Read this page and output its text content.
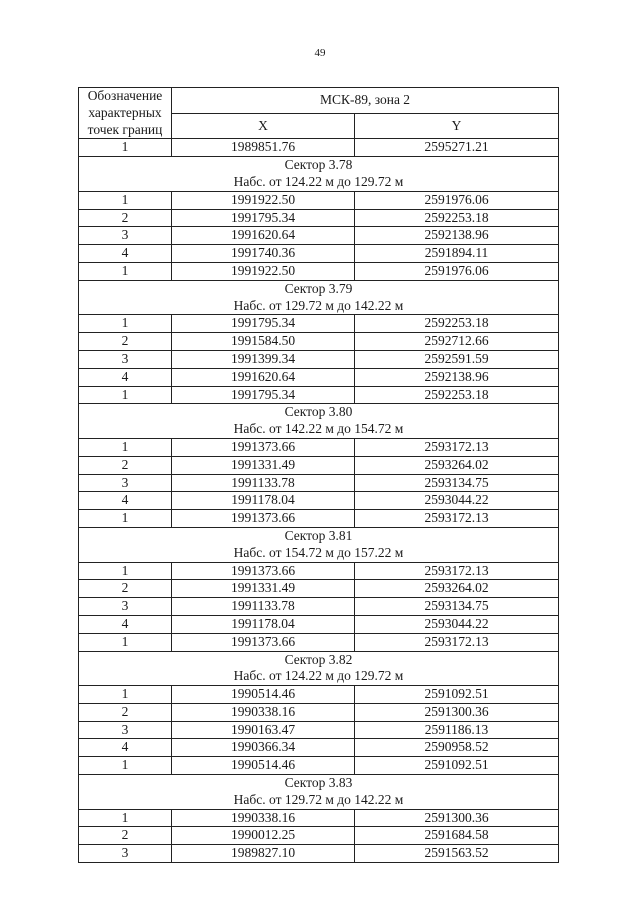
49
Обозначение характерных точек границ	МСК-89, зона 2	
	X	Y
1	1989851.76	2595271.21

Сектор 3.78
Набс. от 124.22 м до 129.72 м		

1	1991922.50	2591976.06
2	1991795.34	2592253.18
3	1991620.64	2592138.96
4	1991740.36	2591894.11
1	1991922.50	2591976.06

Сектор 3.79
Набс. от 129.72 м до 142.22 м		

1	1991795.34	2592253.18
2	1991584.50	2592712.66
3	1991399.34	2592591.59
4	1991620.64	2592138.96
1	1991795.34	2592253.18

Сектор 3.80
Набс. от 142.22 м до 154.72 м		

1	1991373.66	2593172.13
2	1991331.49	2593264.02
3	1991133.78	2593134.75
4	1991178.04	2593044.22
1	1991373.66	2593172.13

Сектор 3.81
Набс. от 154.72 м до 157.22 м		

1	1991373.66	2593172.13
2	1991331.49	2593264.02
3	1991133.78	2593134.75
4	1991178.04	2593044.22
1	1991373.66	2593172.13

Сектор 3.82
Набс. от 124.22 м до 129.72 м		

1	1990514.46	2591092.51
2	1990338.16	2591300.36
3	1990163.47	2591186.13
4	1990366.34	2590958.52
1	1990514.46	2591092.51

Сектор 3.83
Набс. от 129.72 м до 142.22 м		

1	1990338.16	2591300.36
2	1990012.25	2591684.58
3	1989827.10	2591563.52
